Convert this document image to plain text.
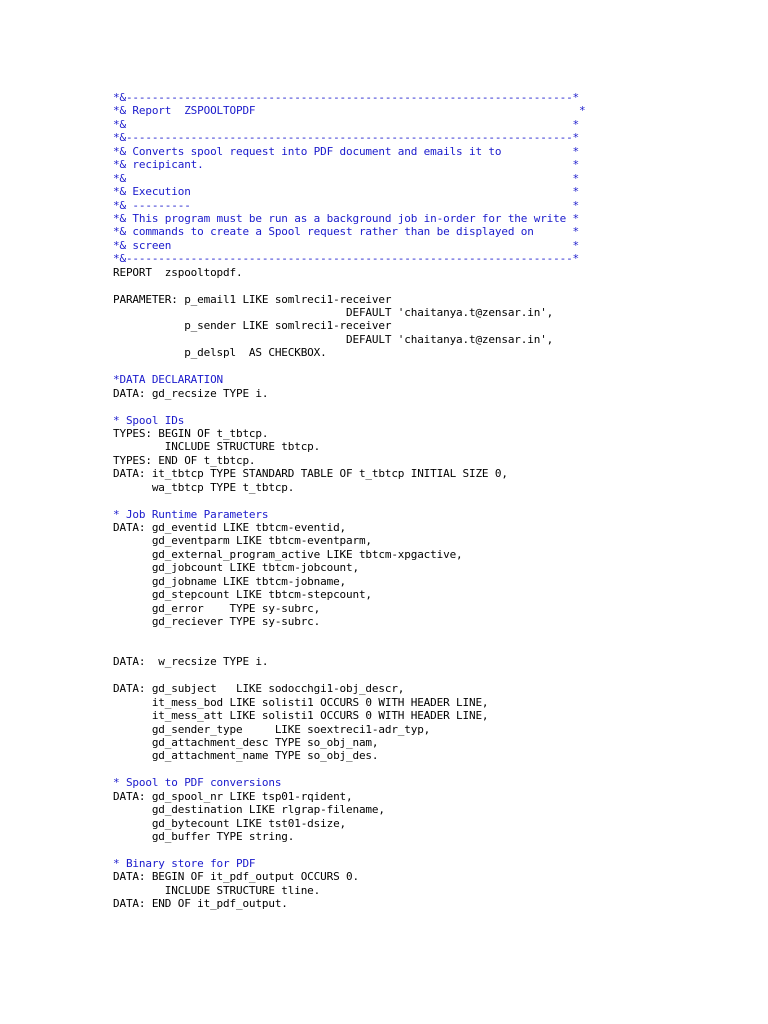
*&---------------------------------------------------------------------*
*& Report  ZSPOOLTOPDF                                                  *
*&                                                                     *
*&---------------------------------------------------------------------*
*& Converts spool request into PDF document and emails it to           *
*& recipicant.                                                         *
*&                                                                     *
*& Execution                                                           *
*& ---------                                                           *
*& This program must be run as a background job in-order for the write *
*& commands to create a Spool request rather than be displayed on      *
*& screen                                                              *
*&---------------------------------------------------------------------*
REPORT  zspooltopdf.
PARAMETER: p_email1 LIKE somlreci1-receiver
DEFAULT 'chaitanya.t@zensar.in',
p_sender LIKE somlreci1-receiver
DEFAULT 'chaitanya.t@zensar.in',
p_delspl  AS CHECKBOX.
*DATA DECLARATION
DATA: gd_recsize TYPE i.
* Spool IDs
TYPES: BEGIN OF t_tbtcp.
INCLUDE STRUCTURE tbtcp.
TYPES: END OF t_tbtcp.
DATA: it_tbtcp TYPE STANDARD TABLE OF t_tbtcp INITIAL SIZE 0,
wa_tbtcp TYPE t_tbtcp.
* Job Runtime Parameters
DATA: gd_eventid LIKE tbtcm-eventid,
gd_eventparm LIKE tbtcm-eventparm,
gd_external_program_active LIKE tbtcm-xpgactive,
gd_jobcount LIKE tbtcm-jobcount,
gd_jobname LIKE tbtcm-jobname,
gd_stepcount LIKE tbtcm-stepcount,
gd_error    TYPE sy-subrc,
gd_reciever TYPE sy-subrc.
DATA:  w_recsize TYPE i.
DATA: gd_subject   LIKE sodocchgi1-obj_descr,
it_mess_bod LIKE solisti1 OCCURS 0 WITH HEADER LINE,
it_mess_att LIKE solisti1 OCCURS 0 WITH HEADER LINE,
gd_sender_type     LIKE soextreci1-adr_typ,
gd_attachment_desc TYPE so_obj_nam,
gd_attachment_name TYPE so_obj_des.
* Spool to PDF conversions
DATA: gd_spool_nr LIKE tsp01-rqident,
gd_destination LIKE rlgrap-filename,
gd_bytecount LIKE tst01-dsize,
gd_buffer TYPE string.
* Binary store for PDF
DATA: BEGIN OF it_pdf_output OCCURS 0.
INCLUDE STRUCTURE tline.
DATA: END OF it_pdf_output.
